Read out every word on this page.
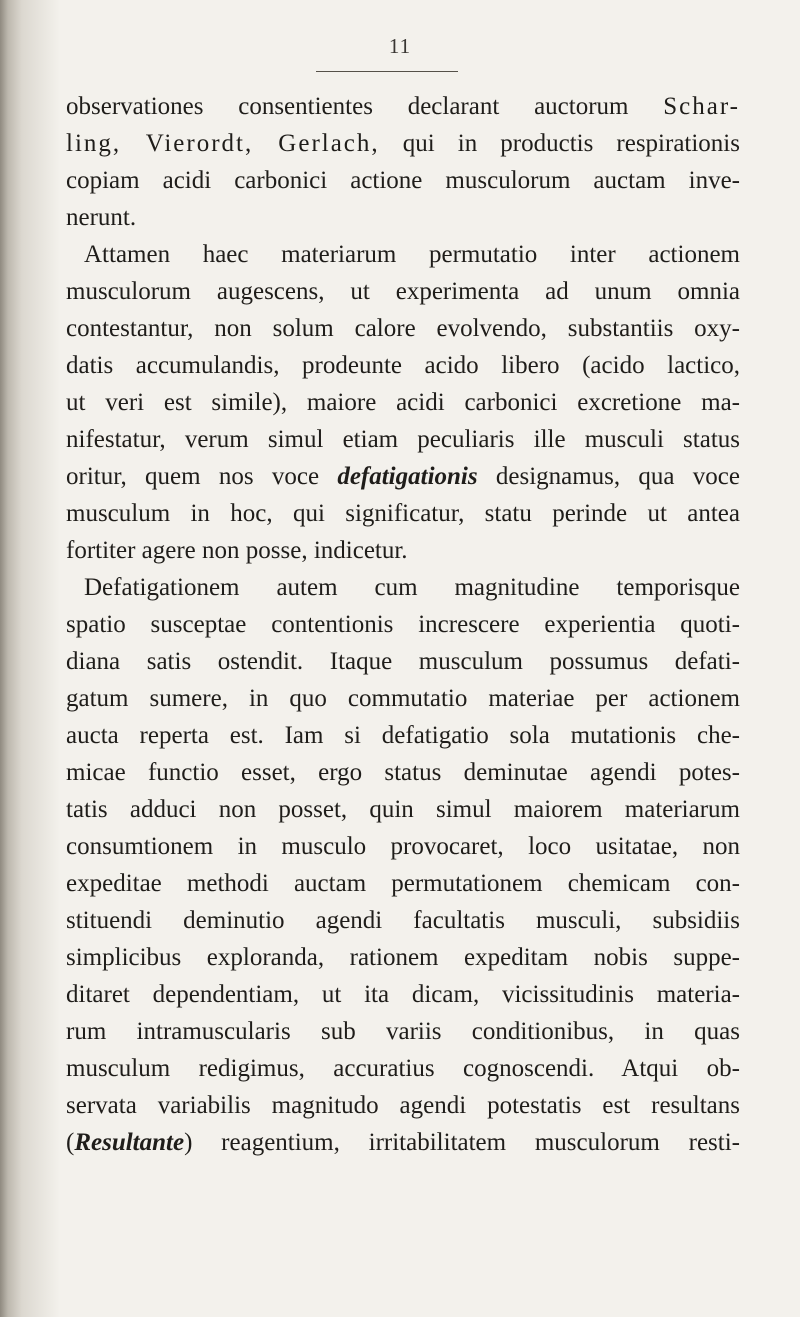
11
observationes consentientes declarant auctorum Schar-
ling, Vierordt, Gerlach, qui in productis respirationis
copiam acidi carbonici actione musculorum auctam inve-
nerunt.
Attamen haec materiarum permutatio inter actionem
musculorum augescens, ut experimenta ad unum omnia
contestantur, non solum calore evolvendo, substantiis oxy-
datis accumulandis, prodeunte acido libero (acido lactico,
ut veri est simile), maiore acidi carbonici excretione ma-
nifestatur, verum simul etiam peculiaris ille musculi status
oritur, quem nos voce defatigationis designamus, qua voce
musculum in hoc, qui significatur, statu perinde ut antea
fortiter agere non posse, indicetur.
Defatigationem autem cum magnitudine temporisque
spatio susceptae contentionis increscere experientia quoti-
diana satis ostendit. Itaque musculum possumus defati-
gatum sumere, in quo commutatio materiae per actionem
aucta reperta est. Iam si defatigatio sola mutationis che-
micae functio esset, ergo status deminutae agendi potes-
tatis adduci non posset, quin simul maiorem materiarum
consumtionem in musculo provocaret, loco usitatae, non
expeditae methodi auctam permutationem chemicam con-
stituendi deminutio agendi facultatis musculi, subsidiis
simplicibus exploranda, rationem expeditam nobis suppe-
ditaret dependentiam, ut ita dicam, vicissitudinis materia-
rum intramuscularis sub variis conditionibus, in quas
musculum redigimus, accuratius cognoscendi. Atqui ob-
servata variabilis magnitudo agendi potestatis est resultans
(Resultante) reagentium, irritabilitatem musculorum resti-
